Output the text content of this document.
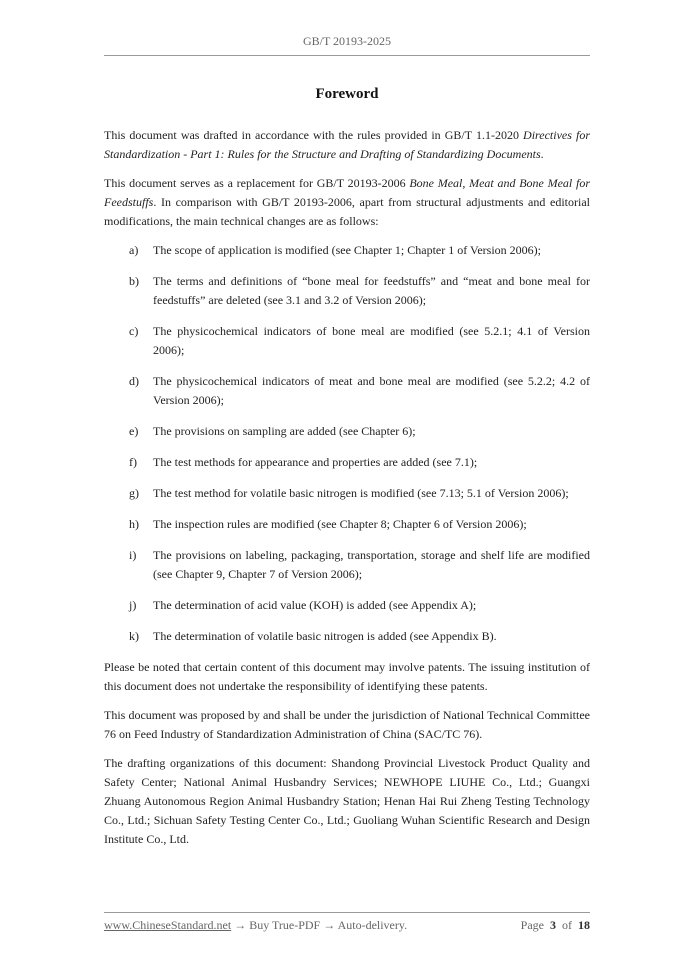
GB/T 20193-2025
Foreword

This document was drafted in accordance with the rules provided in GB/T 1.1-2020 Directives for Standardization - Part 1: Rules for the Structure and Drafting of Standardizing Documents.

This document serves as a replacement for GB/T 20193-2006 Bone Meal, Meat and Bone Meal for Feedstuffs. In comparison with GB/T 20193-2006, apart from structural adjustments and editorial modifications, the main technical changes are as follows:

a)	The scope of application is modified (see Chapter 1; Chapter 1 of Version 2006);
b)	The terms and definitions of “bone meal for feedstuffs” and “meat and bone meal for feedstuffs” are deleted (see 3.1 and 3.2 of Version 2006);
c)	The physicochemical indicators of bone meal are modified (see 5.2.1; 4.1 of Version 2006);
d)	The physicochemical indicators of meat and bone meal are modified (see 5.2.2; 4.2 of Version 2006);
e)	The provisions on sampling are added (see Chapter 6);
f)	The test methods for appearance and properties are added (see 7.1);
g)	The test method for volatile basic nitrogen is modified (see 7.13; 5.1 of Version 2006);
h)	The inspection rules are modified (see Chapter 8; Chapter 6 of Version 2006);
i)	The provisions on labeling, packaging, transportation, storage and shelf life are modified (see Chapter 9, Chapter 7 of Version 2006);
j)	The determination of acid value (KOH) is added (see Appendix A);
k)	The determination of volatile basic nitrogen is added (see Appendix B).

Please be noted that certain content of this document may involve patents. The issuing institution of this document does not undertake the responsibility of identifying these patents.

This document was proposed by and shall be under the jurisdiction of National Technical Committee 76 on Feed Industry of Standardization Administration of China (SAC/TC 76).

The drafting organizations of this document: Shandong Provincial Livestock Product Quality and Safety Center; National Animal Husbandry Services; NEWHOPE LIUHE Co., Ltd.; Guangxi Zhuang Autonomous Region Animal Husbandry Station; Henan Hai Rui Zheng Testing Technology Co., Ltd.; Sichuan Safety Testing Center Co., Ltd.; Guoliang Wuhan Scientific Research and Design Institute Co., Ltd.

www.ChineseStandard.net → Buy True-PDF → Auto-delivery.	Page 3 of 18
